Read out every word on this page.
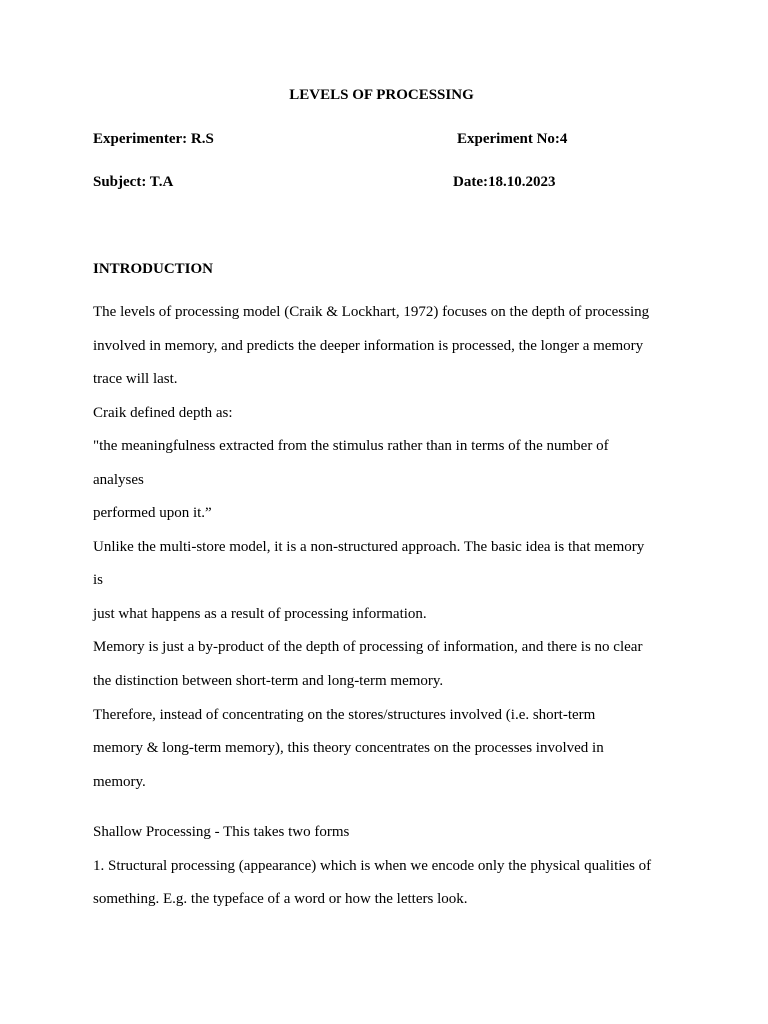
LEVELS OF PROCESSING

Experimenter: R.S	Experiment No:4

Subject: T.A	Date:18.10.2023

INTRODUCTION

The levels of processing model (Craik & Lockhart, 1972) focuses on the depth of processing

involved in memory, and predicts the deeper information is processed, the longer a memory

trace will last.

Craik defined depth as:

"the meaningfulness extracted from the stimulus rather than in terms of the number of

analyses

performed upon it.”

Unlike the multi-store model, it is a non-structured approach. The basic idea is that memory

is

just what happens as a result of processing information.

Memory is just a by-product of the depth of processing of information, and there is no clear

the distinction between short-term and long-term memory.

Therefore, instead of concentrating on the stores/structures involved (i.e. short-term

memory & long-term memory), this theory concentrates on the processes involved in

memory.

Shallow Processing - This takes two forms

1. Structural processing (appearance) which is when we encode only the physical qualities of

something. E.g. the typeface of a word or how the letters look.
